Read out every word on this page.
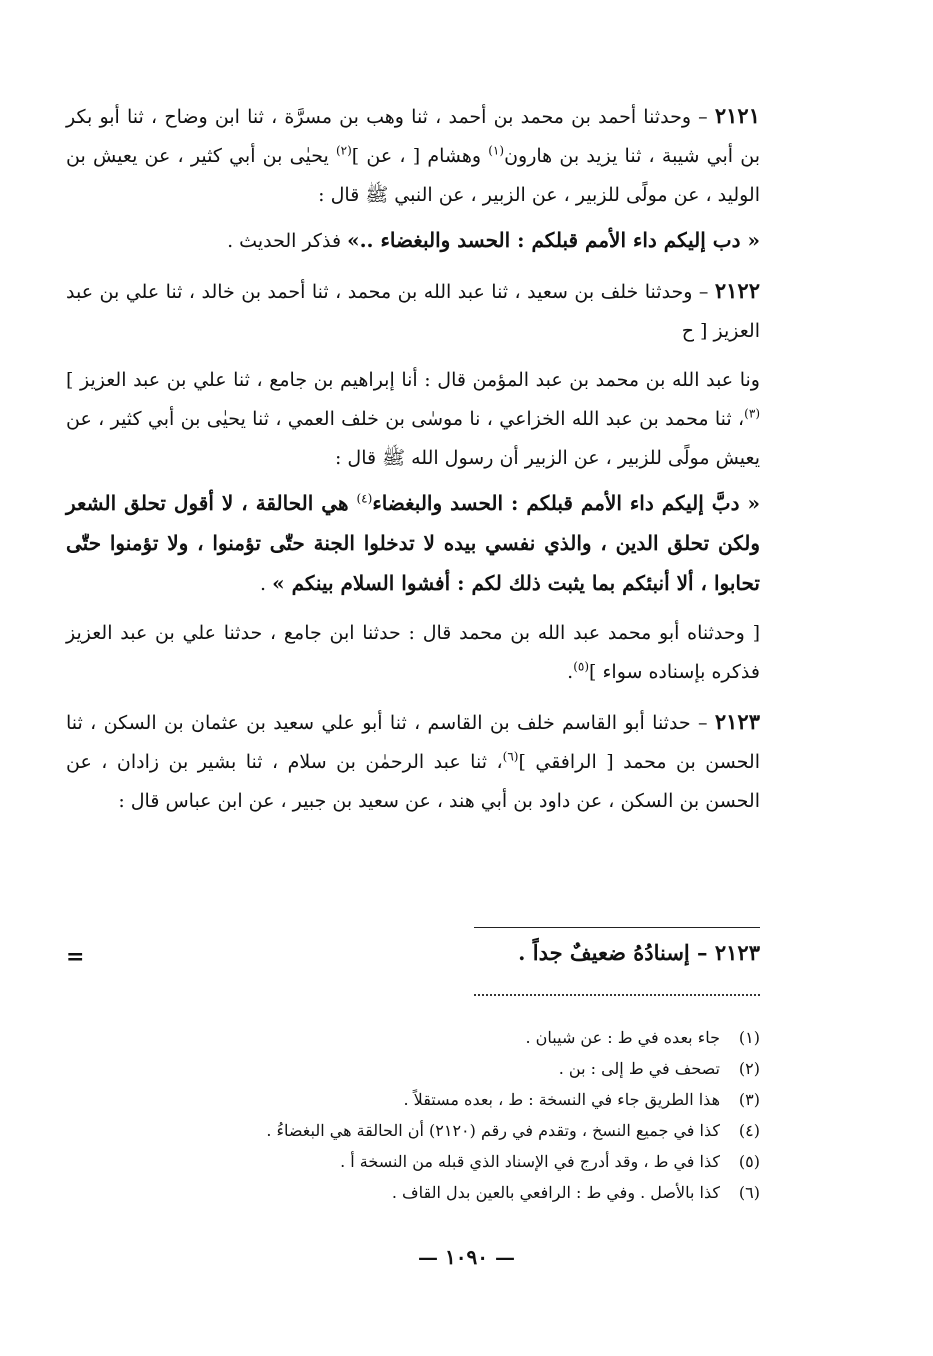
٢١٢١ – وحدثنا أحمد بن محمد بن أحمد ، ثنا وهب بن مسرَّة ، ثنا ابن وضاح ، ثنا أبو بكر بن أبي شيبة ، ثنا يزيد بن هارون$^{(١)}$ وهشام [ ، عن ]$^{(٢)}$ يحيٰى بن أبي كثير ، عن يعيش بن الوليد ، عن مولًى للزبير ، عن الزبير ، عن النبي ﷺ قال :

« دب إليكم داء الأمم قبلكم : الحسد والبغضاء ..» فذكر الحديث .

٢١٢٢ – وحدثنا خلف بن سعيد ، ثنا عبد الله بن محمد ، ثنا أحمد بن خالد ، ثنا علي بن عبد العزيز [ ح

ونا عبد الله بن محمد بن عبد المؤمن قال : أنا إبراهيم بن جامع ، ثنا علي بن عبد العزيز ]$^{(٣)}$، ثنا محمد بن عبد الله الخزاعي ، نا موسٰى بن خلف العمي ، ثنا يحيٰى بن أبي كثير ، عن يعيش مولًى للزبير ، عن الزبير أن رسول الله ﷺ قال :

« دبَّ إليكم داء الأمم قبلكم : الحسد والبغضاء$^{(٤)}$ هي الحالقة ، لا أقول تحلق الشعر ولكن تحلق الدين ، والذي نفسي بيده لا تدخلوا الجنة حتّٰى تؤمنوا ، ولا تؤمنوا حتّٰى تحابوا ، ألا أنبئكم بما يثبت ذلك لكم : أفشوا السلام بينكم » .

[ وحدثناه أبو محمد عبد الله بن محمد قال : حدثنا ابن جامع ، حدثنا علي بن عبد العزيز فذكره بإسناده سواء ]$^{(٥)}$.

٢١٢٣ – حدثنا أبو القاسم خلف بن القاسم ، ثنا أبو علي سعيد بن عثمان بن السكن ، ثنا الحسن بن محمد [ الرافقي ]$^{(٦)}$، ثنا عبد الرحمٰن بن سلام ، ثنا بشير بن زادان ، عن الحسن بن السكن ، عن داود بن أبي هند ، عن سعيد بن جبير ، عن ابن عباس قال :

٢١٢٣ – إسنادُهُ ضعيفٌ جداً .
=
(١)
جاء بعده في ط : عن شيبان .
(٢)
تصحف في ط إلى : بن .
(٣)
هذا الطريق جاء في النسخة : ط ، بعده مستقلاً .
(٤)
كذا في جميع النسخ ، وتقدم في رقم (٢١٢٠) أن الحالقة هي البغضاءُ .
(٥)
كذا في ط ، وقد أدرج في الإسناد الذي قبله من النسخة أ .
(٦)
كذا بالأصل . وفي ط : الرافعي بالعين بدل القاف .
— ١٠٩٠ —
